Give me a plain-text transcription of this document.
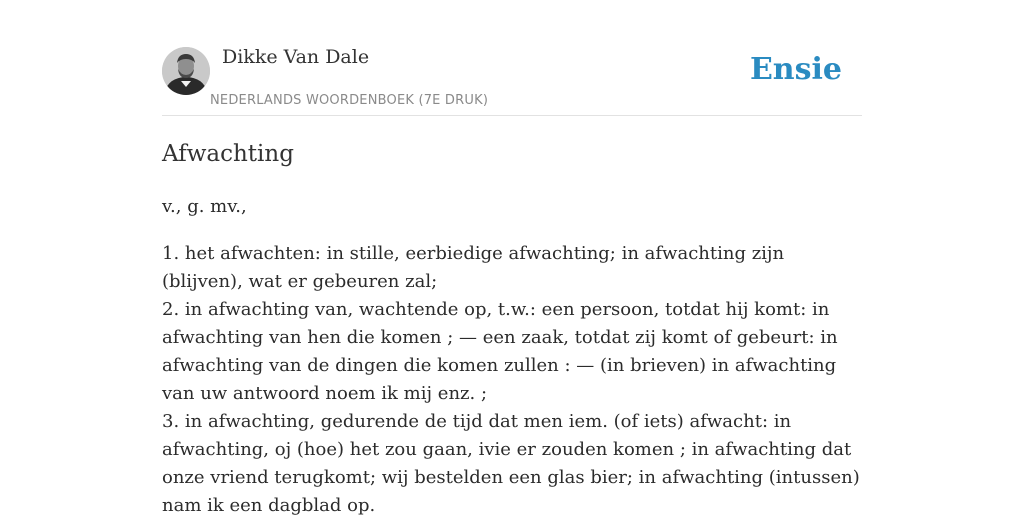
Dikke Van Dale
NEDERLANDS WOORDENBOEK (7E DRUK)
Ensie
Afwachting

v., g. mv.,

1. het afwachten: in stille, eerbiedige afwachting; in afwachting zijn (blijven), wat er gebeuren zal;

2. in afwachting van, wachtende op, t.w.: een persoon, totdat hij komt: in afwachting van hen die komen ; — een zaak, totdat zij komt of gebeurt: in afwachting van de dingen die komen zullen : — (in brieven) in afwachting van uw antwoord noem ik mij enz. ;

3. in afwachting, gedurende de tijd dat men iem. (of iets) afwacht: in afwachting, oj (hoe) het zou gaan, ivie er zouden komen ; in afwachting dat onze vriend terugkomt; wij bestelden een glas bier; in afwachting (intussen) nam ik een dagblad op.
